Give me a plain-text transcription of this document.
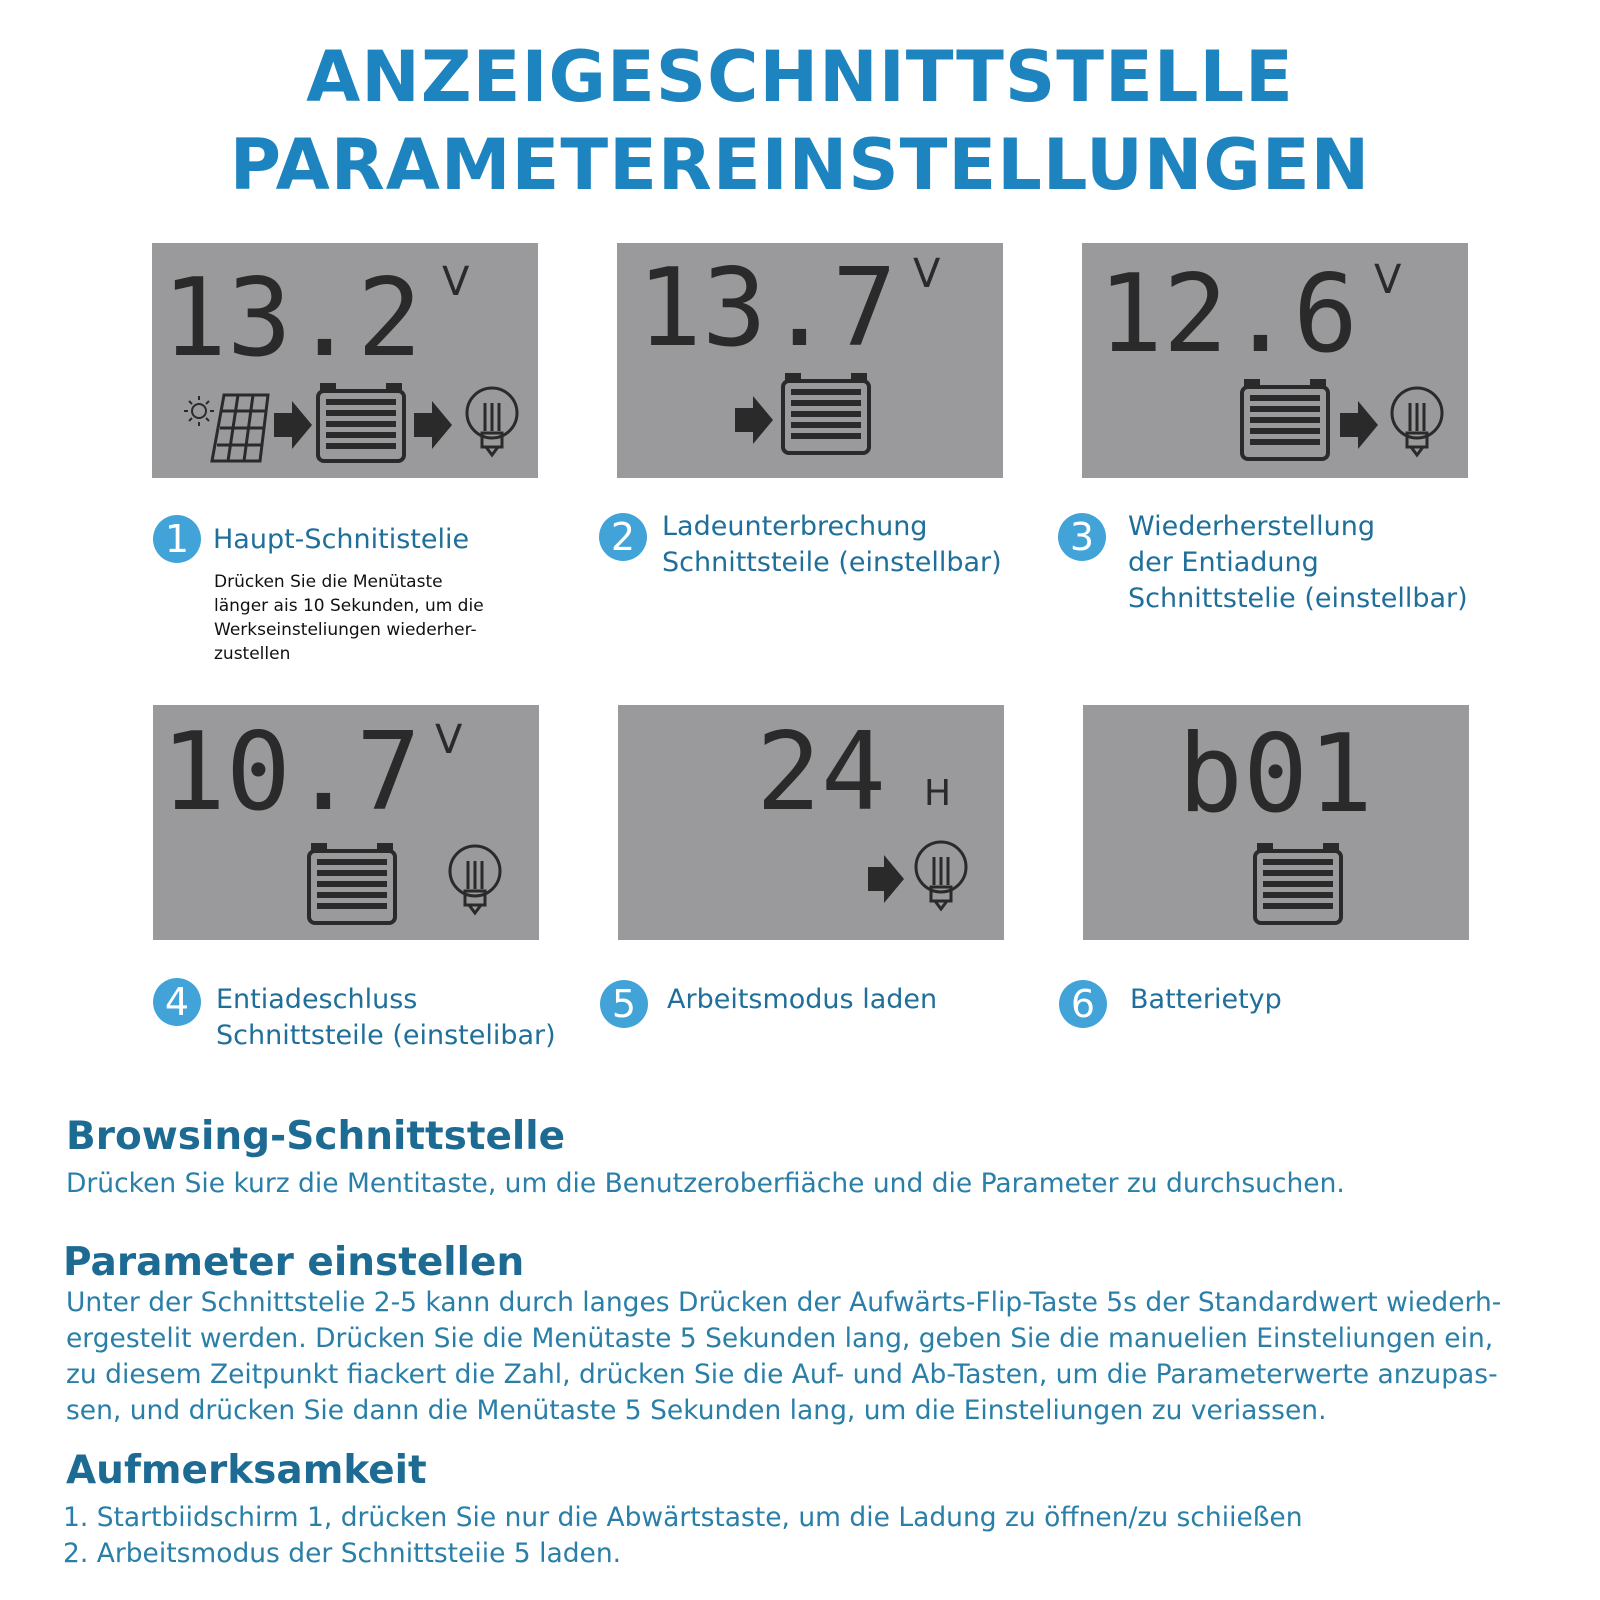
ANZEIGESCHNITTSTELLE
PARAMETEREINSTELLUNGEN
13.2 V 13.7 V 12.6 V
10.7 V	24 H b01
1 Haupt-Schnitistelie
Drücken Sie die Menütaste
länger ais 10 Sekunden, um die
Werkseinsteliungen wiederher-
zustellen
2 Ladeunterbrechung
Schnittsteile (einstellbar)
3	Wiederherstellung
der Entiadung
Schnittstelie (einstellbar)
4 Entiadeschluss
Schnittsteile (einstelibar)
5	Arbeitsmodus laden	6	Batterietyp
Browsing-Schnittstelle
Drücken Sie kurz die Mentitaste, um die Benutzeroberfiäche und die Parameter zu durchsuchen.
Parameter einstellen
Unter der Schnittstelie 2-5 kann durch langes Drücken der Aufwärts-Flip-Taste 5s der Standardwert wiederh-
ergestelit werden. Drücken Sie die Menütaste 5 Sekunden lang, geben Sie die manuelien Einsteliungen ein,
zu diesem Zeitpunkt fiackert die Zahl, drücken Sie die Auf- und Ab-Tasten, um die Parameterwerte anzupas-
sen, und drücken Sie dann die Menütaste 5 Sekunden lang, um die Einsteliungen zu veriassen.
Aufmerksamkeit
1. Startbiidschirm 1, drücken Sie nur die Abwärtstaste, um die Ladung zu öffnen/zu schiießen
2. Arbeitsmodus der Schnittsteiie 5 laden.
